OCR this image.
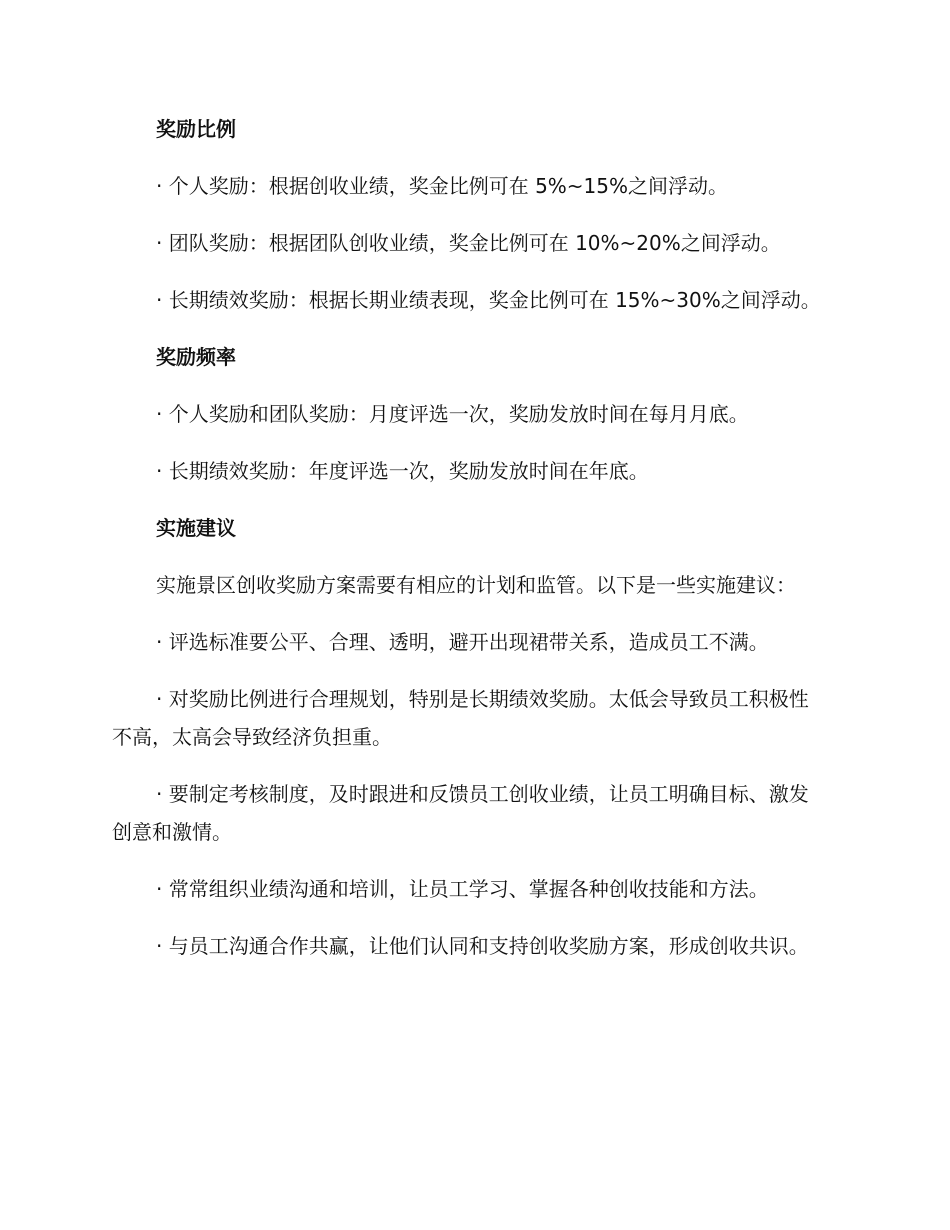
奖励比例

· 个人奖励：根据创收业绩，奖金比例可在 5%~15%之间浮动。

· 团队奖励：根据团队创收业绩，奖金比例可在 10%~20%之间浮动。

· 长期绩效奖励：根据长期业绩表现，奖金比例可在 15%~30%之间浮动。

奖励频率

· 个人奖励和团队奖励：月度评选一次，奖励发放时间在每月月底。

· 长期绩效奖励：年度评选一次，奖励发放时间在年底。

实施建议

实施景区创收奖励方案需要有相应的计划和监管。以下是一些实施建议：

· 评选标准要公平、合理、透明，避开出现裙带关系，造成员工不满。

· 对奖励比例进行合理规划，特别是长期绩效奖励。太低会导致员工积极性不高，太高会导致经济负担重。

· 要制定考核制度，及时跟进和反馈员工创收业绩，让员工明确目标、激发创意和激情。

· 常常组织业绩沟通和培训，让员工学习、掌握各种创收技能和方法。

· 与员工沟通合作共赢，让他们认同和支持创收奖励方案，形成创收共识。
